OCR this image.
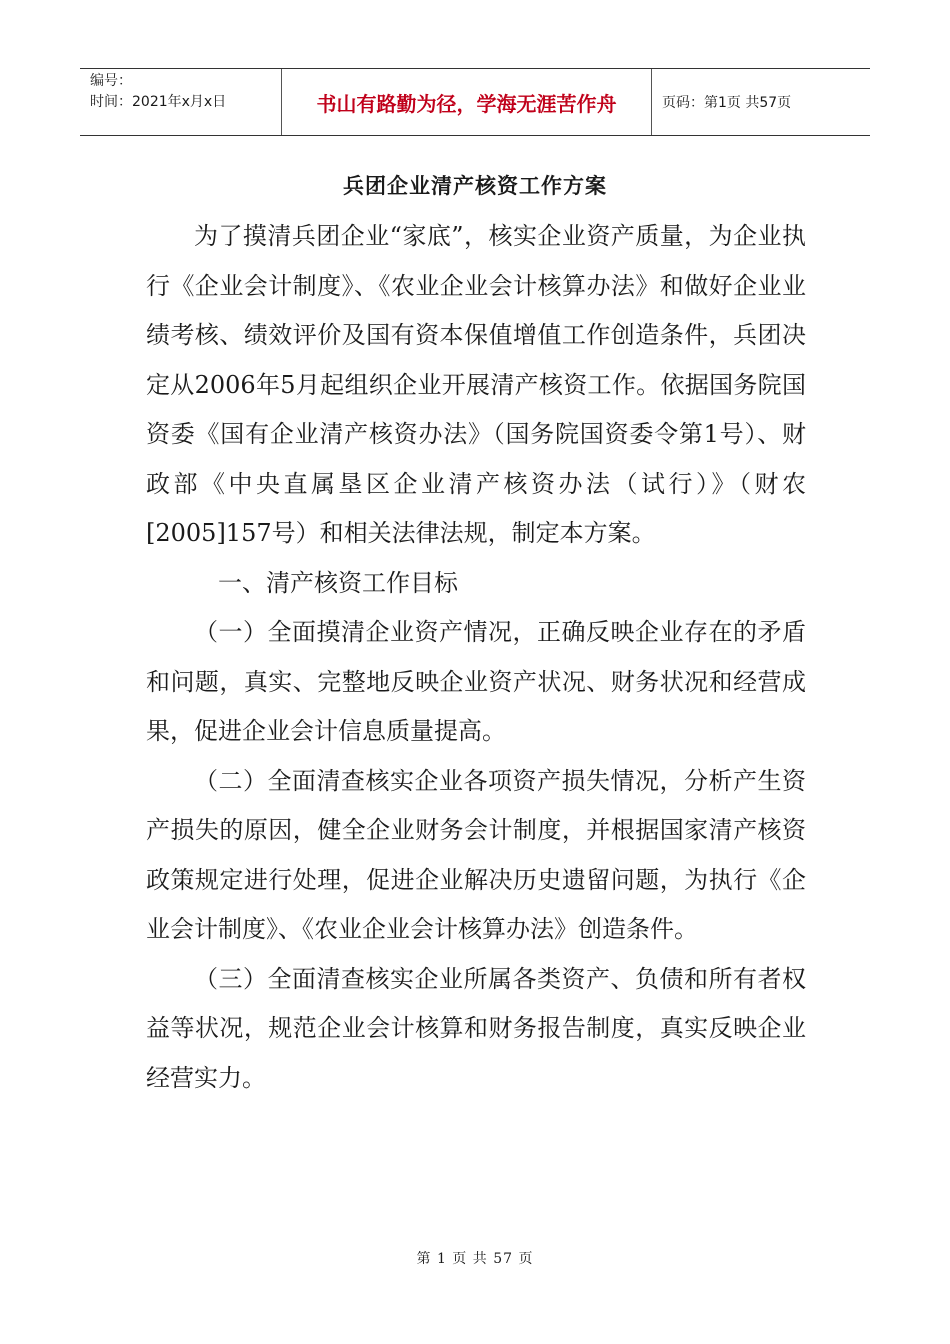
编号：
时间：2021年x月x日	书山有路勤为径，学海无涯苦作舟	页码：第1页 共57页
兵团企业清产核资工作方案

为了摸清兵团企业“家底”，核实企业资产质量，为企业执行《企业会计制度》、《农业企业会计核算办法》和做好企业业绩考核、绩效评价及国有资本保值增值工作创造条件，兵团决定从2006年5月起组织企业开展清产核资工作。依据国务院国资委《国有企业清产核资办法》（国务院国资委令第1号）、财政部《中央直属垦区企业清产核资办法（试行）》（财农[2005]157号）和相关法律法规，制定本方案。

一、清产核资工作目标

（一）全面摸清企业资产情况，正确反映企业存在的矛盾和问题，真实、完整地反映企业资产状况、财务状况和经营成果，促进企业会计信息质量提高。

（二）全面清查核实企业各项资产损失情况，分析产生资产损失的原因，健全企业财务会计制度，并根据国家清产核资政策规定进行处理，促进企业解决历史遗留问题，为执行《企业会计制度》、《农业企业会计核算办法》创造条件。

（三）全面清查核实企业所属各类资产、负债和所有者权益等状况，规范企业会计核算和财务报告制度，真实反映企业经营实力。

第 1 页 共 57 页
